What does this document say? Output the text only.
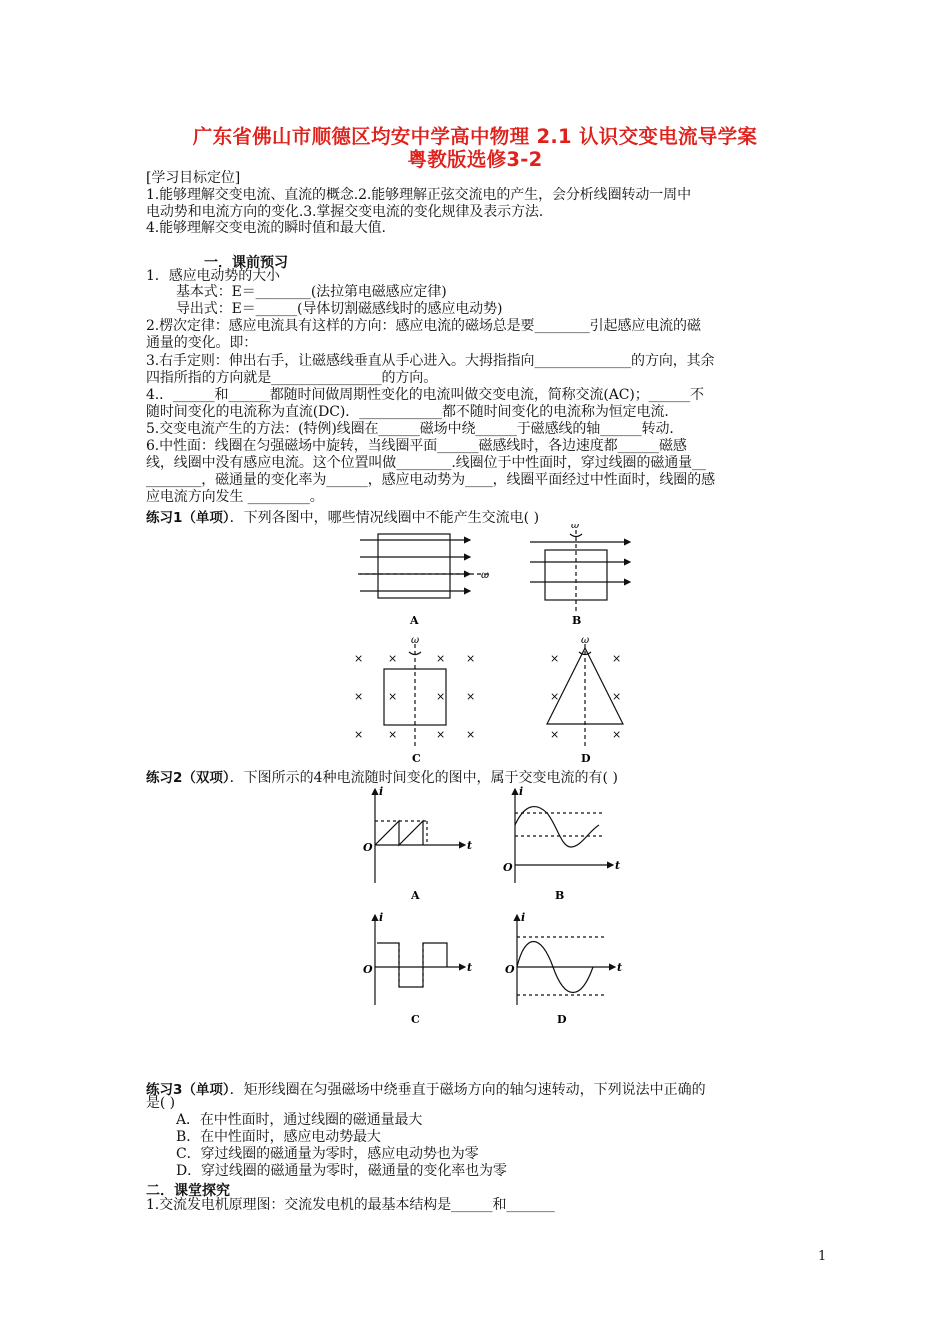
广东省佛山市顺德区均安中学高中物理 2.1 认识交变电流导学案
粤教版选修3-2
[学习目标定位]
1.能够理解交变电流、直流的概念.2.能够理解正弦交流电的产生，会分析线圈转动一周中
电动势和电流方向的变化.3.掌握交变电流的变化规律及表示方法.
4.能够理解交变电流的瞬时值和最大值.
一．课前预习
1．感应电动势的大小
基本式：E＝________(法拉第电磁感应定律)
导出式：E＝______(导体切割磁感线时的感应电动势)
2.楞次定律：感应电流具有这样的方向：感应电流的磁场总是要________引起感应电流的磁
通量的变化。即：
3.右手定则：伸出右手，让磁感线垂直从手心进入。大拇指指向______________的方向，其余
四指所指的方向就是________________的方向。
4.．______和______都随时间做周期性变化的电流叫做交变电流，简称交流(AC)；______不
随时间变化的电流称为直流(DC)．____________都不随时间变化的电流称为恒定电流．
5.交变电流产生的方法：(特例)线圈在______磁场中绕______于磁感线的轴______转动．
6.中性面：线圈在匀强磁场中旋转，当线圈平面______磁感线时，各边速度都______磁感
线，线圈中没有感应电流。这个位置叫做________.线圈位于中性面时，穿过线圈的磁通量__
________，磁通量的变化率为______，感应电动势为____，线圈平面经过中性面时，线圈的感
应电流方向发生 _________。
练习1（单项）．下列各图中，哪些情况线圈中不能产生交流电( )
ω
A
ω
B
× ×	× ×
× ×	× ×
× ×	× ×
ω
C
×	×
×	×
×	×
ω
D
练习2（双项）．下图所示的4种电流随时间变化的图中，属于交变电流的有( )
i
O	t
A
i
O	t
B
i
O	t
C
i
O	t
D
练习3（单项）．矩形线圈在匀强磁场中绕垂直于磁场方向的轴匀速转动，下列说法中正确的
是( )
A．在中性面时，通过线圈的磁通量最大
B．在中性面时，感应电动势最大
C．穿过线圈的磁通量为零时，感应电动势也为零
D．穿过线圈的磁通量为零时，磁通量的变化率也为零
二．课堂探究
1.交流发电机原理图：交流发电机的最基本结构是______和_______
1
